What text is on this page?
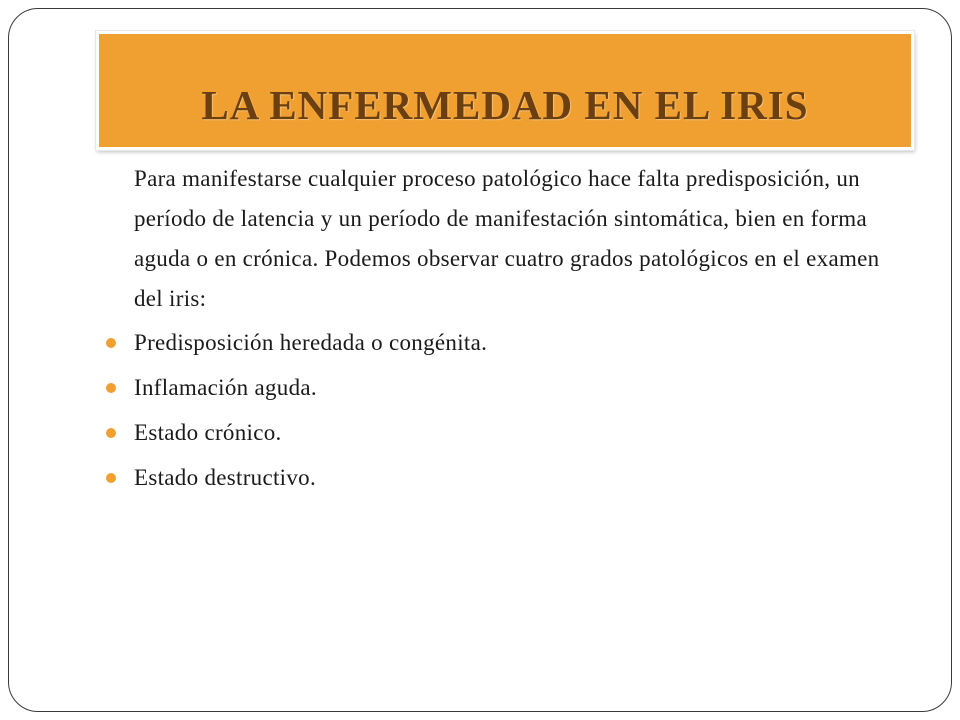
LA ENFERMEDAD EN EL IRIS

Para manifestarse cualquier proceso patológico hace falta predisposición, un período de latencia y un período de manifestación sintomática, bien en forma aguda o en crónica. Podemos observar cuatro grados patológicos en el examen del iris:

Predisposición heredada o congénita.
Inflamación aguda.
Estado crónico.
Estado destructivo.
